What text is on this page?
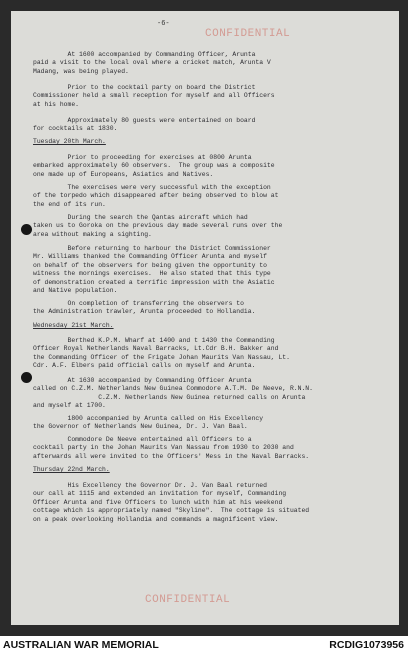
-6-
CONFIDENTIAL
At 1600 accompanied by Commanding Officer, Arunta
paid a visit to the local oval where a cricket match, Arunta V
Madang, was being played.
Prior to the cocktail party on board the District
Commissioner held a small reception for myself and all Officers
at his home.
Approximately 80 guests were entertained on board
for cocktails at 1830.
Tuesday 20th March.
Prior to proceeding for exercises at 0800 Arunta
embarked approximately 60 observers.  The group was a composite
one made up of Europeans, Asiatics and Natives.
The exercises were very successful with the exception
of the torpedo which disappeared after being observed to blow at
the end of its run.
During the search the Qantas aircraft which had
taken us to Goroka on the previous day made several runs over the
area without making a sighting.
Before returning to harbour the District Commissioner
Mr. Williams thanked the Commanding Officer Arunta and myself
on behalf of the observers for being given the opportunity to
witness the mornings exercises.  He also stated that this type
of demonstration created a terrific impression with the Asiatic
and Native population.
On completion of transferring the observers to
the Administration trawler, Arunta proceeded to Hollandia.
Wednesday 21st March.
Berthed K.P.M. Wharf at 1400 and t 1430 the Commanding
Officer Royal Netherlands Naval Barracks, Lt.Cdr B.H. Bakker and
the Commanding Officer of the Frigate Johan Maurits Van Nassau, Lt.
Cdr. A.F. Elbers paid official calls on myself and Arunta.
At 1630 accompanied by Commanding Officer Arunta
called on C.Z.M. Netherlands New Guinea Commodore A.T.M. De Neeve, R.N.N.
C.Z.M. Netherlands New Guinea returned calls on Arunta
and myself at 1700.
1800 accompanied by Arunta called on His Excellency
the Governor of Netherlands New Guinea, Dr. J. Van Baal.
Commodore De Neeve entertained all Officers to a
cocktail party in the Johan Maurits Van Nassau from 1930 to 2030 and
afterwards all were invited to the Officers' Mess in the Naval Barracks.
Thursday 22nd March.
His Excellency the Governor Dr. J. Van Baal returned
our call at 1115 and extended an invitation for myself, Commanding
Officer Arunta and five Officers to lunch with him at his weekend
cottage which is appropriately named "Skyline".  The cottage is situated
on a peak overlooking Hollandia and commands a magnificent view.
CONFIDENTIAL
AUSTRALIAN WAR MEMORIAL	RCDIG1073956
